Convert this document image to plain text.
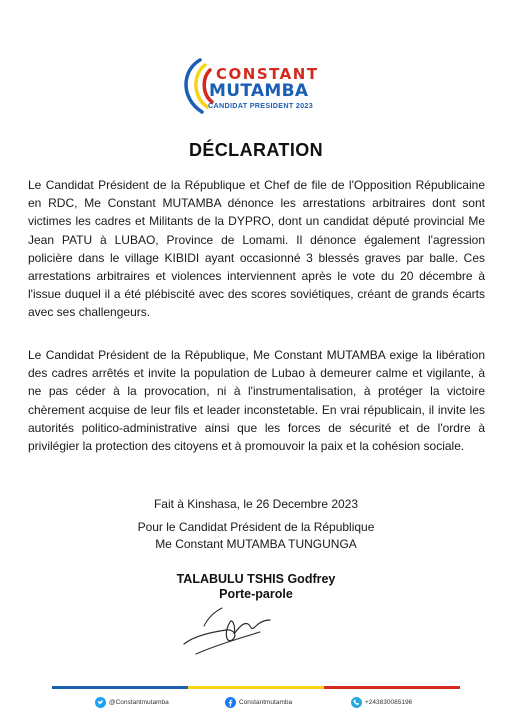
CONSTANT
MUTAMBA
CANDIDAT PRESIDENT 2023
DÉCLARATION

Le Candidat Président de la République et Chef de file de l'Opposition Républicaine en RDC, Me Constant MUTAMBA dénonce les arrestations arbitraires dont sont victimes les cadres et Militants de la DYPRO, dont un candidat député provincial Me Jean PATU à LUBAO, Province de Lomami. Il dénonce également l'agression policière dans le village KIBIDI ayant occasionné 3 blessés graves par balle. Ces arrestations arbitraires et violences interviennent après le vote du 20 décembre à l'issue duquel il a été plébiscité avec des scores soviétiques, créant de grands écarts avec ses challengeurs.

Le Candidat Président de la République, Me Constant MUTAMBA exige la libération des cadres arrêtés et invite la population de Lubao à demeurer calme et vigilante, à ne pas céder à la provocation, ni à l'instrumentalisation, à protéger la victoire chèrement acquise de leur fils et leader inconstetable. En vrai républicain, il invite les autorités politico-administrative ainsi que les forces de sécurité et de l'ordre à privilégier la protection des citoyens et à promouvoir la paix et la cohésion sociale.

Fait à Kinshasa, le 26 Decembre 2023
Pour le Candidat Président de la République
Me Constant MUTAMBA TUNGUNGA
TALABULU TSHIS Godfrey
Porte-parole
@Constantmutamba	Constantmutamba	+243830085196
